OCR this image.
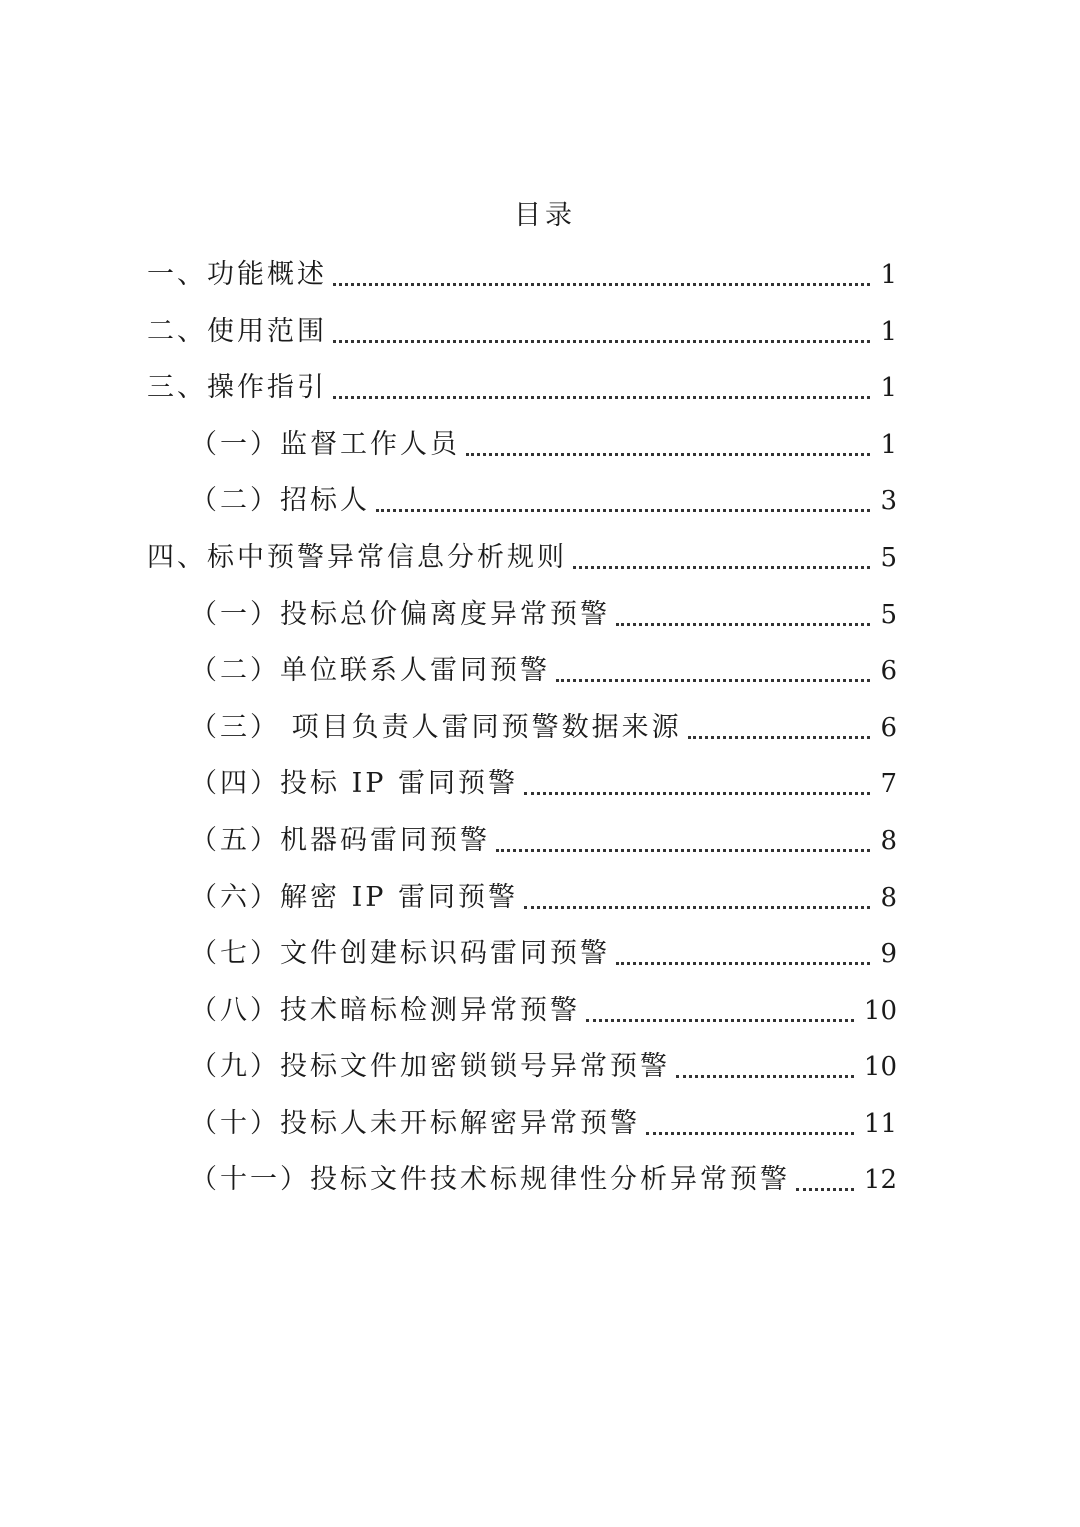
目录
一、功能概述	1
二、使用范围	1
三、操作指引	1
（一）监督工作人员	1
（二）招标人	3
四、标中预警异常信息分析规则	5
（一）投标总价偏离度异常预警	5
（二）单位联系人雷同预警	6
（三） 项目负责人雷同预警数据来源	6
（四）投标 IP 雷同预警	7
（五）机器码雷同预警	8
（六）解密 IP 雷同预警	8
（七）文件创建标识码雷同预警	9
（八）技术暗标检测异常预警	10
（九）投标文件加密锁锁号异常预警	10
（十）投标人未开标解密异常预警	11
（十一）投标文件技术标规律性分析异常预警	12
